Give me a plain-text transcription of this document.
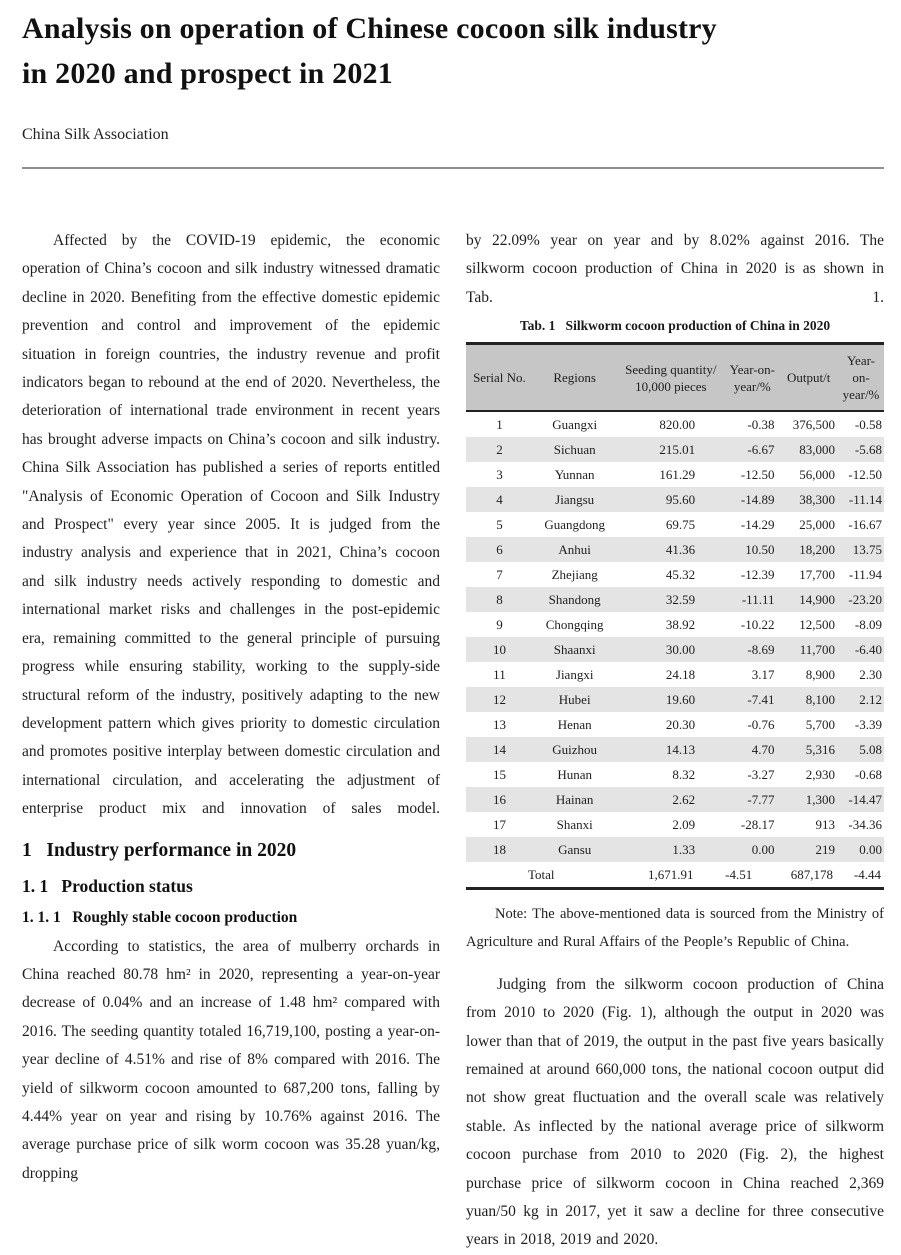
Analysis on operation of Chinese cocoon silk industry
in 2020 and prospect in 2021
China Silk Association

Affected by the COVID-19 epidemic, the economic operation of China’s cocoon and silk industry witnessed dramatic decline in 2020. Benefiting from the effective domestic epidemic prevention and control and improvement of the epidemic situation in foreign countries, the industry revenue and profit indicators began to rebound at the end of 2020. Nevertheless, the deterioration of international trade environment in recent years has brought adverse impacts on China’s cocoon and silk industry. China Silk Association has published a series of reports entitled "Analysis of Economic Operation of Cocoon and Silk Industry and Prospect" every year since 2005. It is judged from the industry analysis and experience that in 2021, China’s cocoon and silk industry needs actively responding to domestic and international market risks and challenges in the post-epidemic era, remaining committed to the general principle of pursuing progress while ensuring stability, working to the supply-side structural reform of the industry, positively adapting to the new development pattern which gives priority to domestic circulation and promotes positive interplay between domestic circulation and international circulation, and accelerating the adjustment of enterprise product mix and innovation of sales model.

1   Industry performance in 2020
1. 1   Production status
1. 1. 1   Roughly stable cocoon production

According to statistics, the area of mulberry orchards in China reached 80.78 hm² in 2020, representing a year-on-year decrease of 0.04% and an increase of 1.48 hm² compared with 2016. The seeding quantity totaled 16,719,100, posting a year-on-year decline of 4.51% and rise of 8% compared with 2016. The yield of silkworm cocoon amounted to 687,200 tons, falling by 4.44% year on year and rising by 10.76% against 2016. The average purchase price of silk worm cocoon was 35.28 yuan/kg, dropping

by 22.09% year on year and by 8.02% against 2016. The silkworm cocoon production of China in 2020 is as shown in Tab. 1.

Tab. 1   Silkworm cocoon production of China in 2020
Serial No.	Regions	Seeding quantity/ 10,000 pieces	Year-on-year/%	Output/t	Year-on-year/%
1	Guangxi	820.00	-0.38	376,500	-0.58
2	Sichuan	215.01	-6.67	83,000	-5.68
3	Yunnan	161.29	-12.50	56,000	-12.50
4	Jiangsu	95.60	-14.89	38,300	-11.14
5	Guangdong	69.75	-14.29	25,000	-16.67
6	Anhui	41.36	10.50	18,200	13.75
7	Zhejiang	45.32	-12.39	17,700	-11.94
8	Shandong	32.59	-11.11	14,900	-23.20
9	Chongqing	38.92	-10.22	12,500	-8.09
10	Shaanxi	30.00	-8.69	11,700	-6.40
11	Jiangxi	24.18	3.17	8,900	2.30
12	Hubei	19.60	-7.41	8,100	2.12
13	Henan	20.30	-0.76	5,700	-3.39
14	Guizhou	14.13	4.70	5,316	5.08
15	Hunan	8.32	-3.27	2,930	-0.68
16	Hainan	2.62	-7.77	1,300	-14.47
17	Shanxi	2.09	-28.17	913	-34.36
18	Gansu	1.33	0.00	219	0.00
Total		1,671.91	-4.51	687,178	-4.44

Note: The above-mentioned data is sourced from the Ministry of Agriculture and Rural Affairs of the People’s Republic of China.

Judging from the silkworm cocoon production of China from 2010 to 2020 (Fig. 1), although the output in 2020 was lower than that of 2019, the output in the past five years basically remained at around 660,000 tons, the national cocoon output did not show great fluctuation and the overall scale was relatively stable. As inflected by the national average price of silkworm cocoon purchase from 2010 to 2020 (Fig. 2), the highest purchase price of silkworm cocoon in China reached 2,369 yuan/50 kg in 2017, yet it saw a decline for three consecutive years in 2018, 2019 and 2020.
